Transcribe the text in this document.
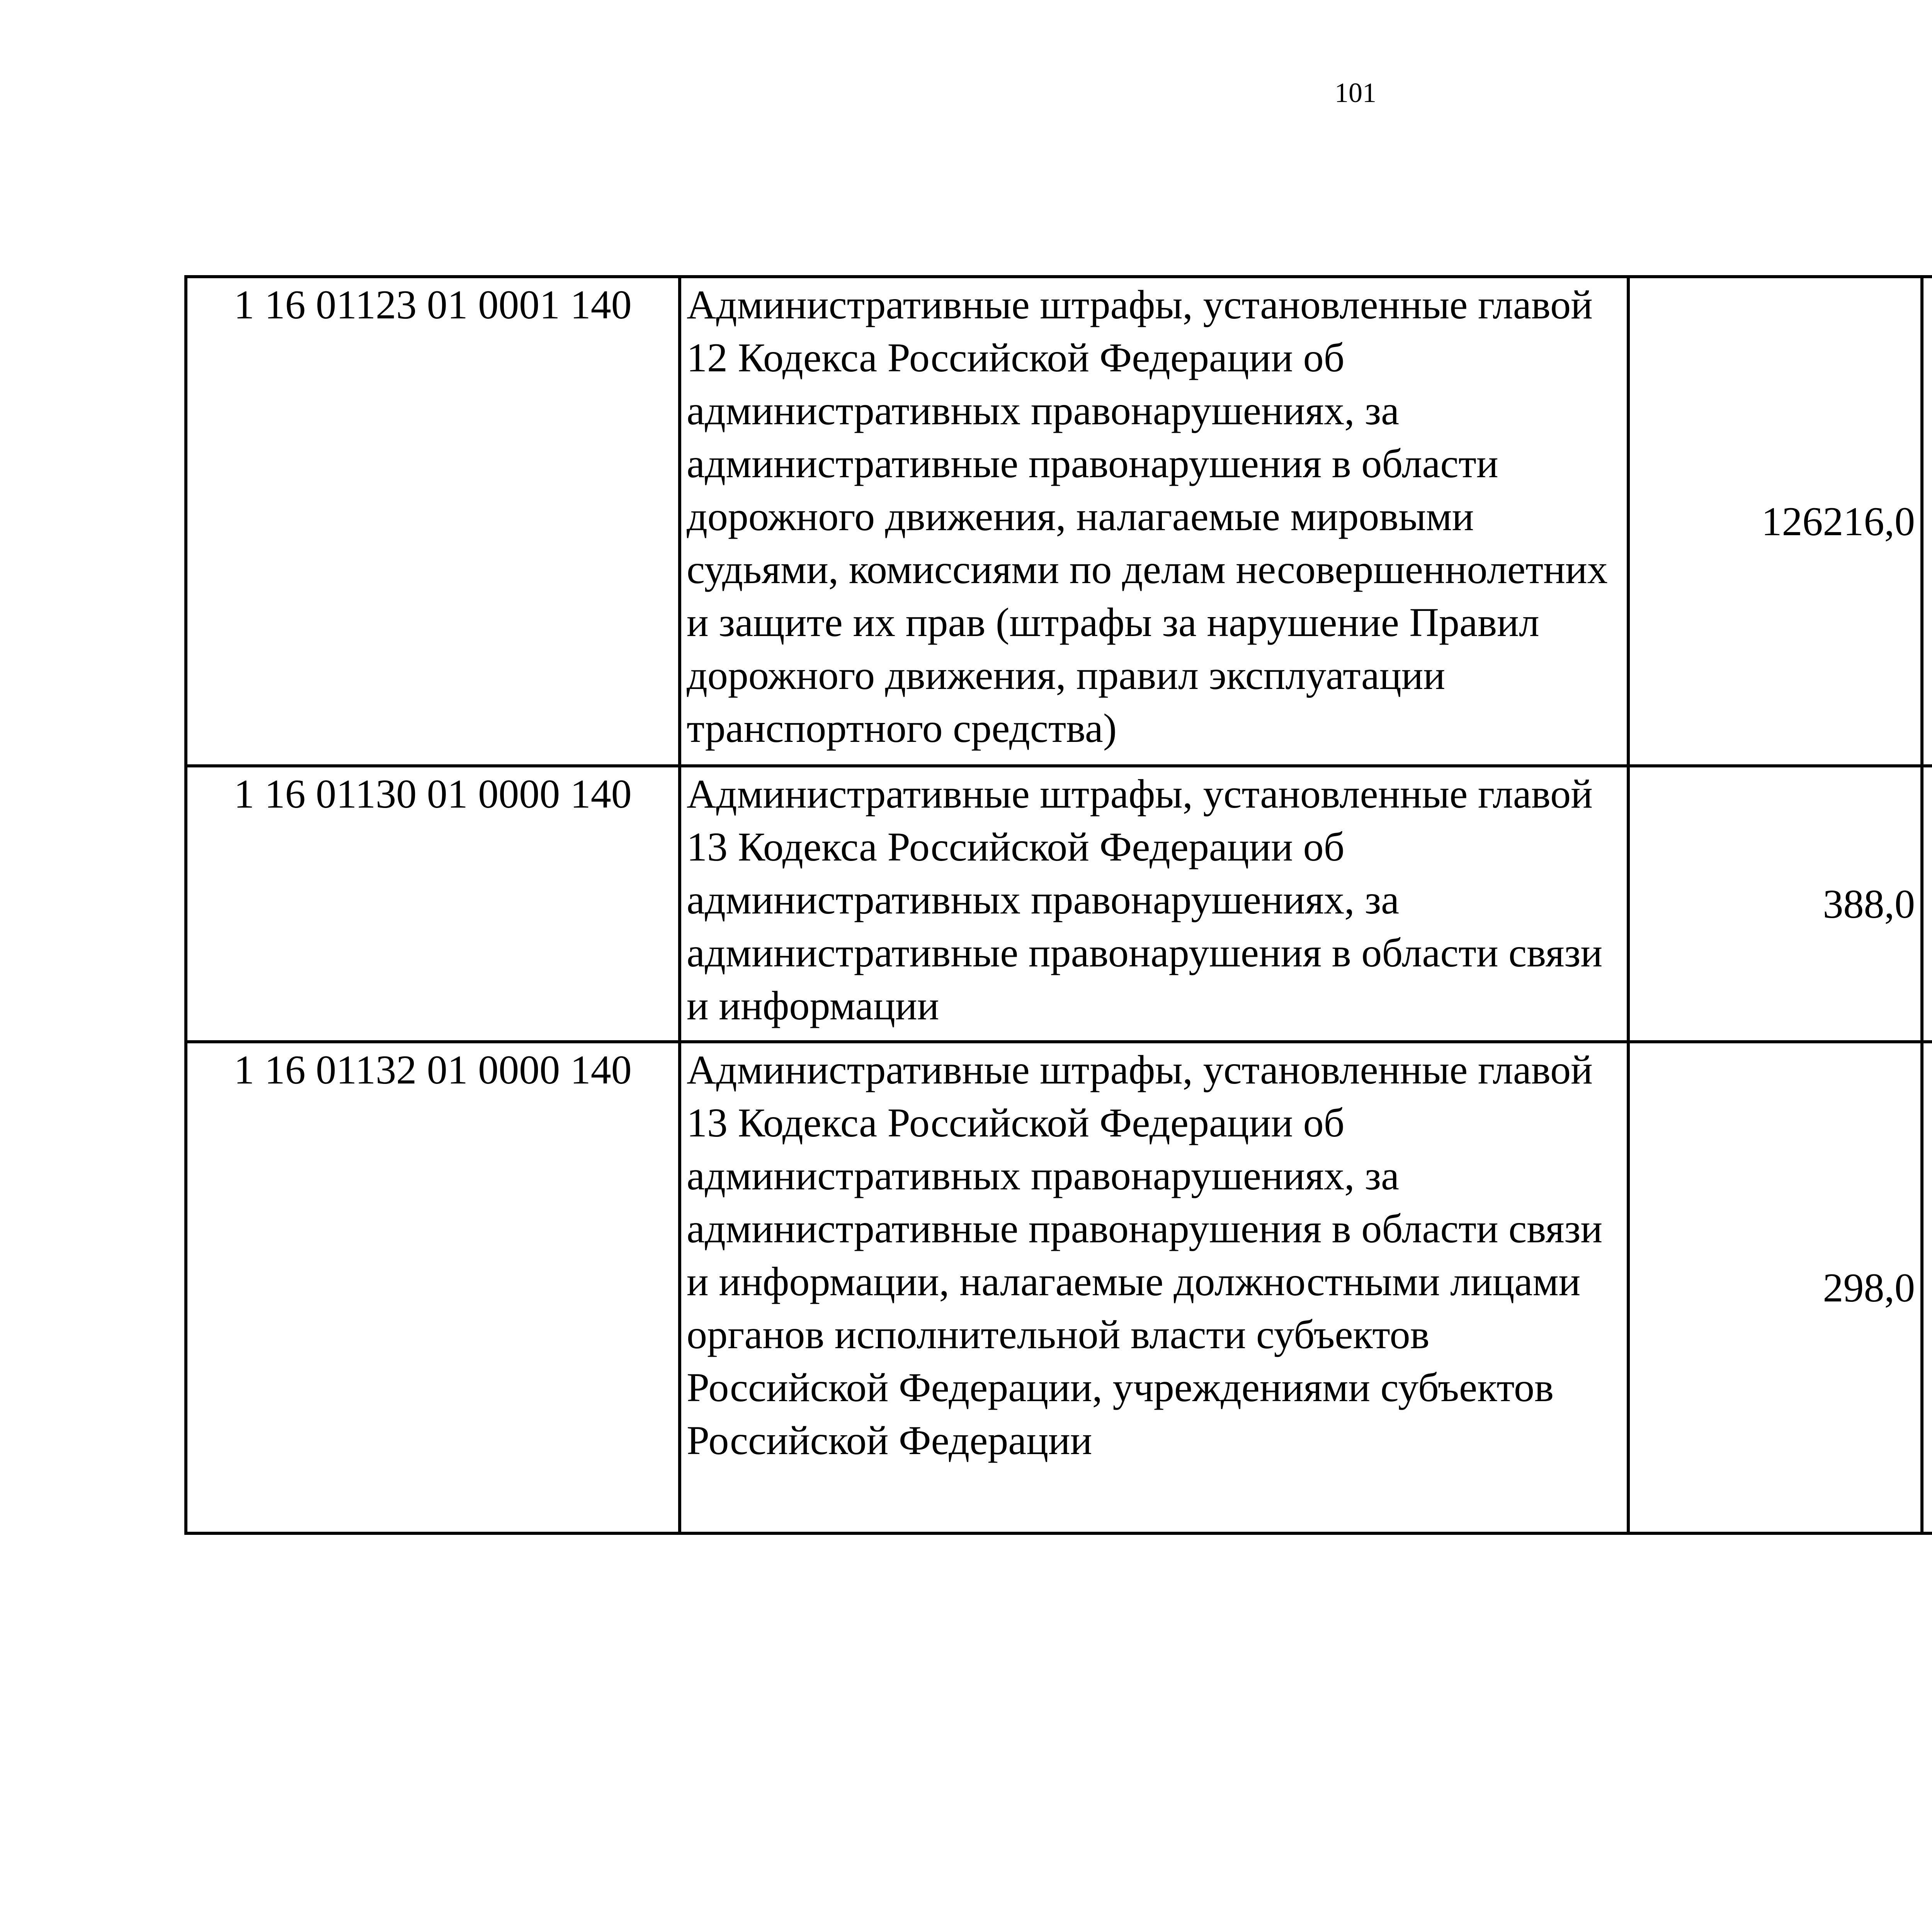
101
1 16 01123 01 0001 140	Административные штрафы, установленные главой 12 Кодекса Российской Федерации об административных правонарушениях, за административные правонарушения в области дорожного движения, налагаемые мировыми судьями, комиссиями по делам несовершеннолетних и защите их прав (штрафы за нарушение Правил дорожного движения, правил эксплуатации транспортного средства)	126216,0		
1 16 01130 01 0000 140	Административные штрафы, установленные главой 13 Кодекса Российской Федерации об административных правонарушениях, за административные правонарушения в области связи и информации	388,0		
1 16 01132 01 0000 140	Административные штрафы, установленные главой 13 Кодекса Российской Федерации об административных правонарушениях, за административные правонарушения в области связи и информации, налагаемые должностными лицами органов исполнительной власти субъектов Российской Федерации, учреждениями субъектов Российской Федерации	298,0		
